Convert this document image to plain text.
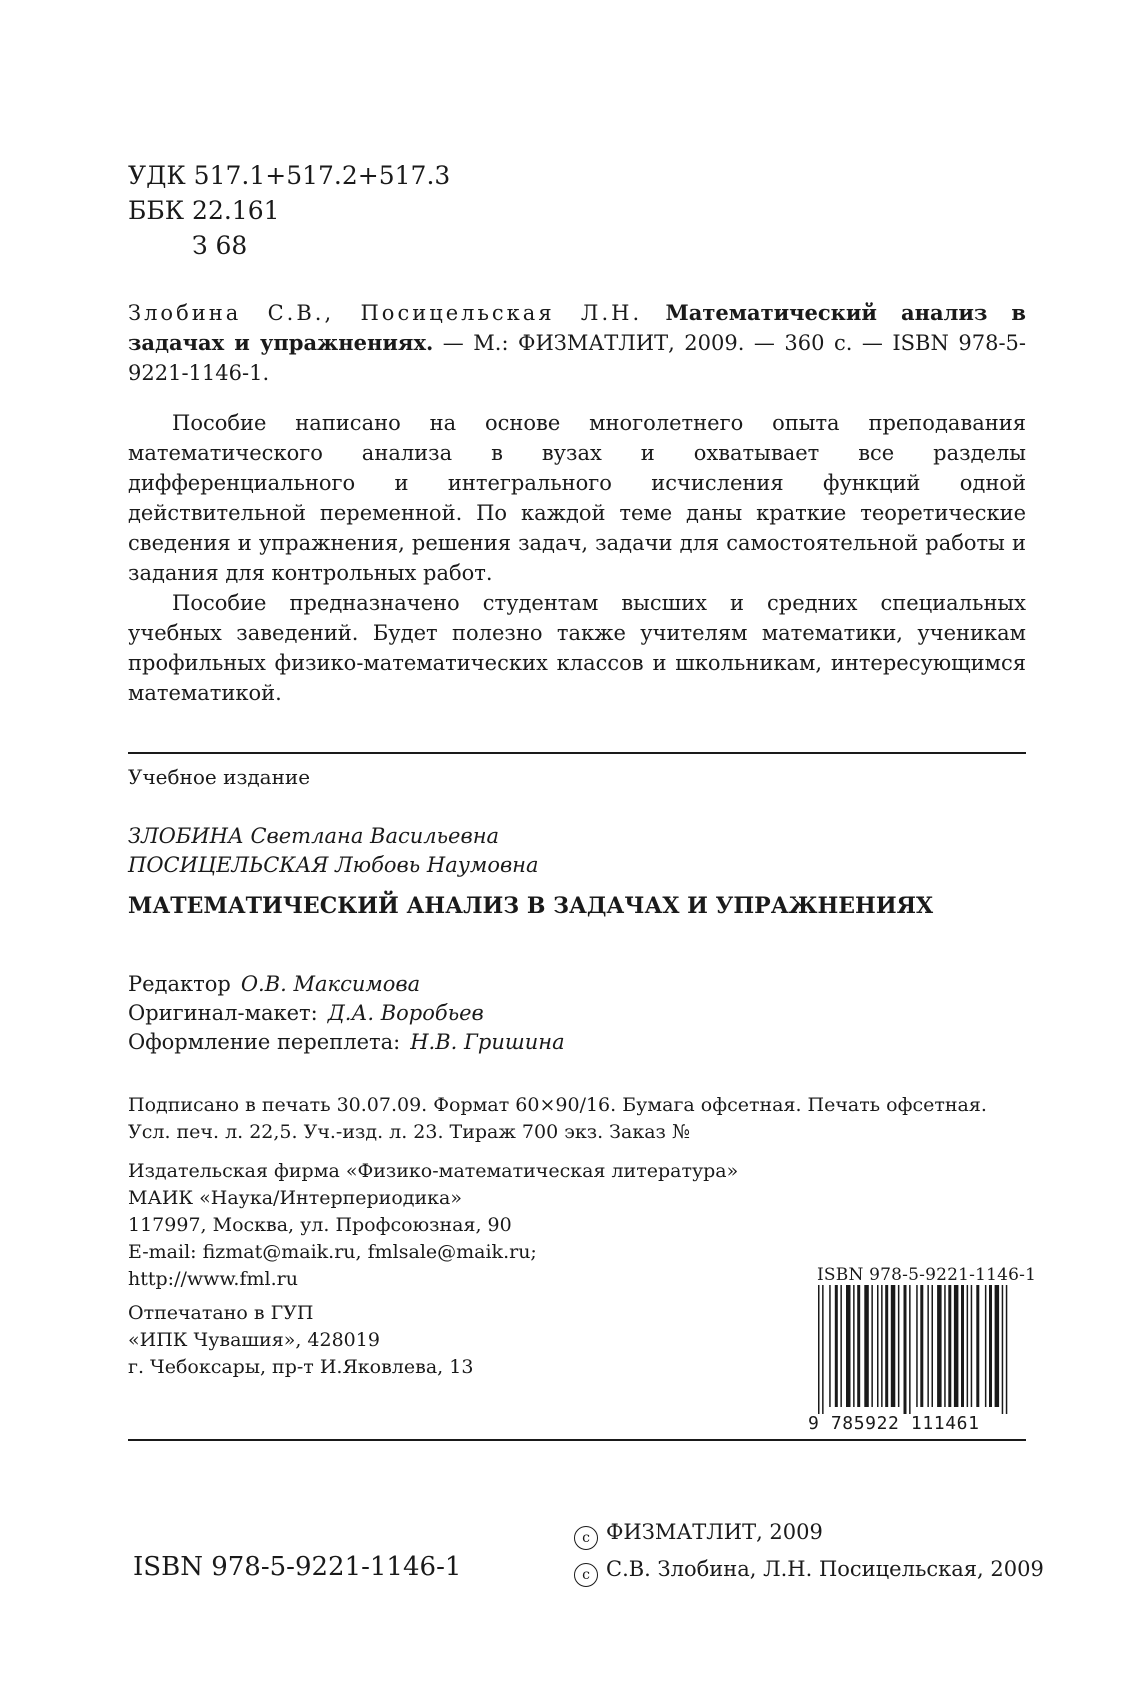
УДК 517.1+517.2+517.3
ББК 22.161
З 68
Злобина С.В., Посицельская Л.Н. Математический анализ в задачах и упражнениях. — М.: ФИЗМАТЛИТ, 2009. — 360 с. — ISBN 978-5-9221-1146-1.

Пособие написано на основе многолетнего опыта преподавания математического анализа в вузах и охватывает все разделы дифференциального и интегрального исчисления функций одной действительной переменной. По каждой теме даны краткие теоретические сведения и упражнения, решения задач, задачи для самостоятельной работы и задания для контрольных работ.

Пособие предназначено студентам высших и средних специальных учебных заведений. Будет полезно также учителям математики, ученикам профильных физико-математических классов и школьникам, интересующимся математикой.

Учебное издание
ЗЛОБИНА Светлана Васильевна
ПОСИЦЕЛЬСКАЯ Любовь Наумовна
МАТЕМАТИЧЕСКИЙ АНАЛИЗ В ЗАДАЧАХ И УПРАЖНЕНИЯХ
Редактор О.В. Максимова
Оригинал-макет: Д.А. Воробьев
Оформление переплета: Н.В. Гришина
Подписано в печать 30.07.09. Формат 60×90/16. Бумага офсетная. Печать офсетная.
Усл. печ. л. 22,5. Уч.-изд. л. 23. Тираж 700 экз. Заказ №
Издательская фирма «Физико-математическая литература»
МАИК «Наука/Интерпериодика»
117997, Москва, ул. Профсоюзная, 90
E-mail: fizmat@maik.ru, fmlsale@maik.ru;
http://www.fml.ru
Отпечатано в ГУП
«ИПК Чувашия», 428019
г. Чебоксары, пр-т И.Яковлева, 13
ISBN 978-5-9221-1146-1
9 785922 111461
ISBN 978-5-9221-1146-1
c ФИЗМАТЛИТ, 2009
c С.В. Злобина, Л.Н. Посицельская, 2009
